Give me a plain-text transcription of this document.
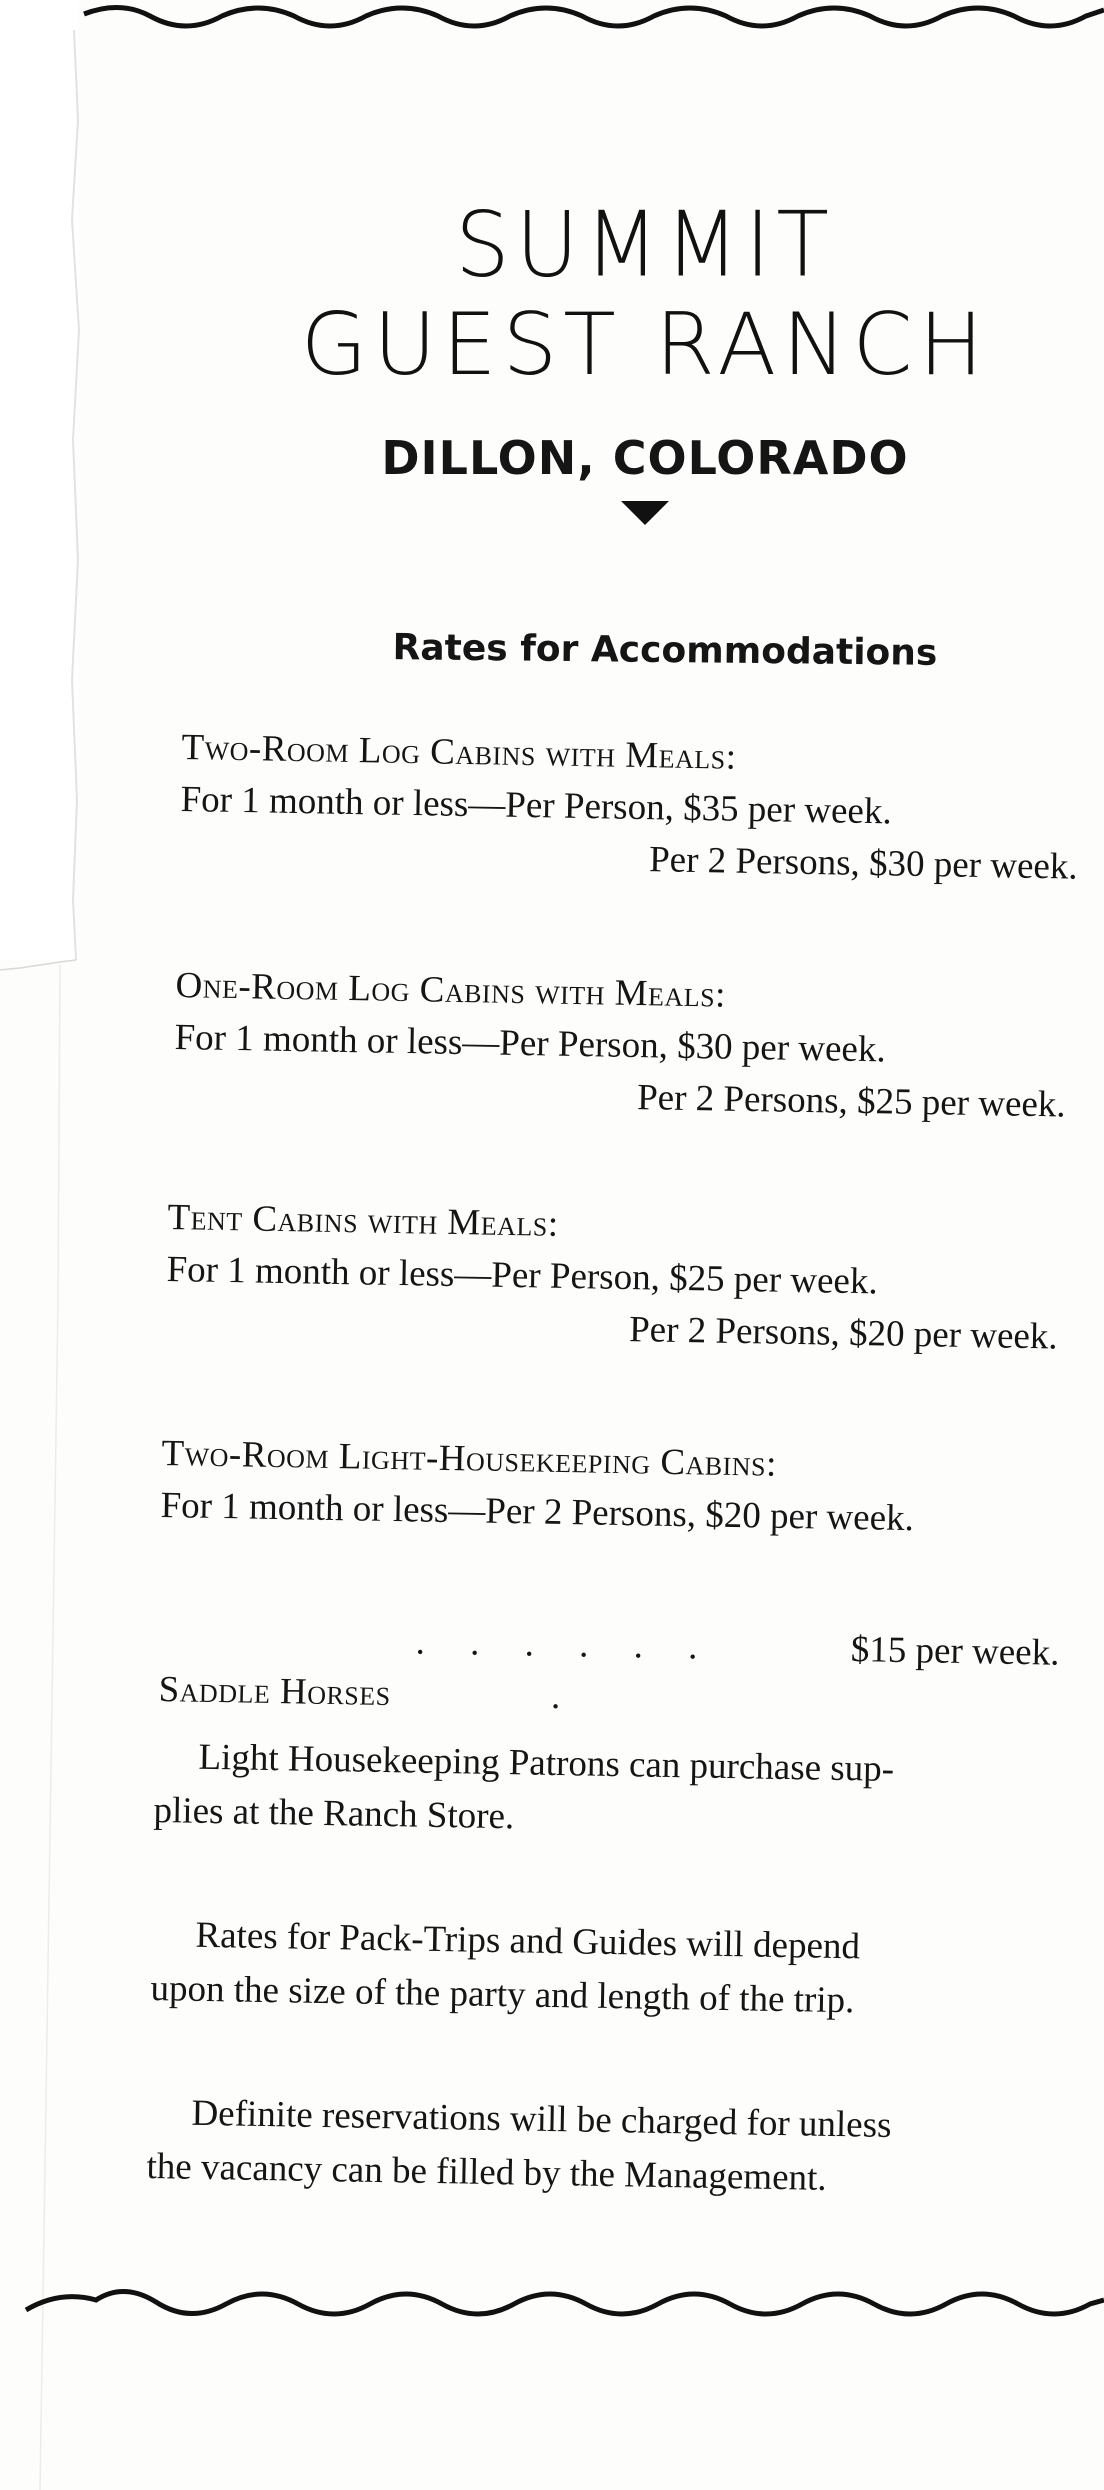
SUMMIT
GUEST RANCH
DILLON, COLORADO
Rates for Accommodations
Two-Room Log Cabins with Meals:
For 1 month or less—Per Person, $35 per week.
Per 2 Persons, $30 per week.
One-Room Log Cabins with Meals:
For 1 month or less—Per Person, $30 per week.
Per 2 Persons, $25 per week.
Tent Cabins with Meals:
For 1 month or less—Per Person, $25 per week.
Per 2 Persons, $20 per week.
Two-Room Light-Housekeeping Cabins:
For 1 month or less—Per 2 Persons, $20 per week.
Saddle Horses. . . . . . .
$15 per week.
Light Housekeeping Patrons can purchase sup-
plies at the Ranch Store.
Rates for Pack-Trips and Guides will depend
upon the size of the party and length of the trip.
Definite reservations will be charged for unless
the vacancy can be filled by the Management.
